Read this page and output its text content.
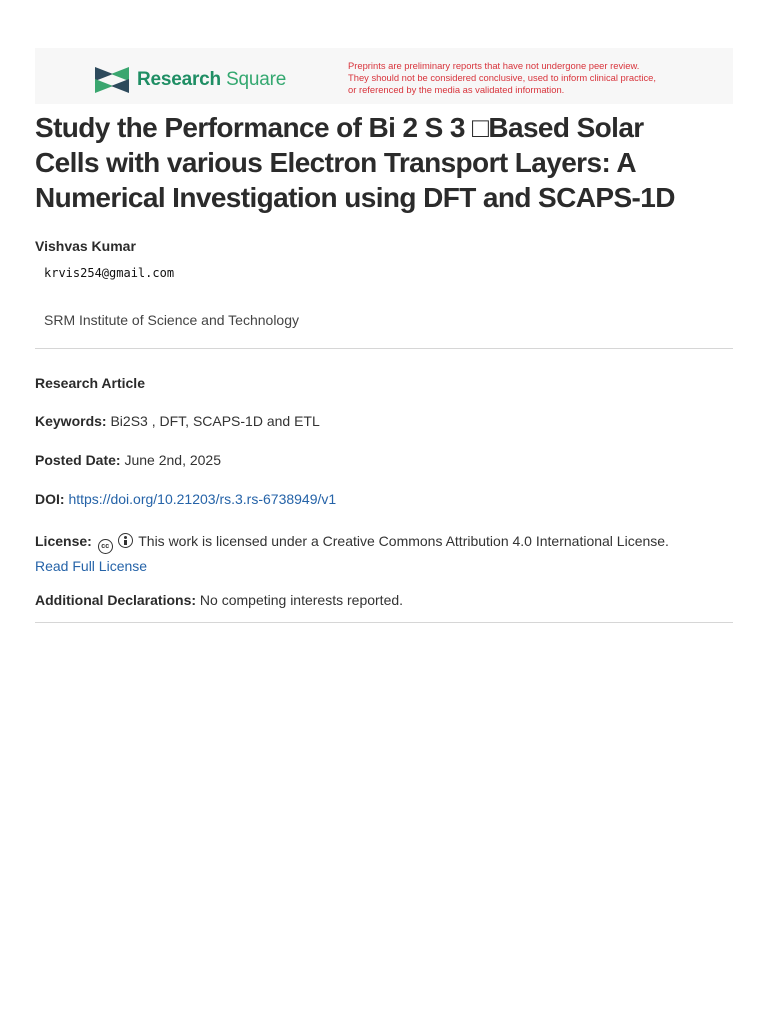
Research Square
Preprints are preliminary reports that have not undergone peer review.
They should not be considered conclusive, used to inform clinical practice,
or referenced by the media as validated information.
Study the Performance of Bi 2 S 3 □Based Solar
Cells with various Electron Transport Layers: A
Numerical Investigation using DFT and SCAPS-1D
Vishvas Kumar
krvis254@gmail.com
SRM Institute of Science and Technology
Research Article
Keywords: Bi2S3 , DFT, SCAPS-1D and ETL
Posted Date: June 2nd, 2025
DOI: https://doi.org/10.21203/rs.3.rs-6738949/v1
License: cc This work is licensed under a Creative Commons Attribution 4.0 International License.
Read Full License
Additional Declarations: No competing interests reported.
